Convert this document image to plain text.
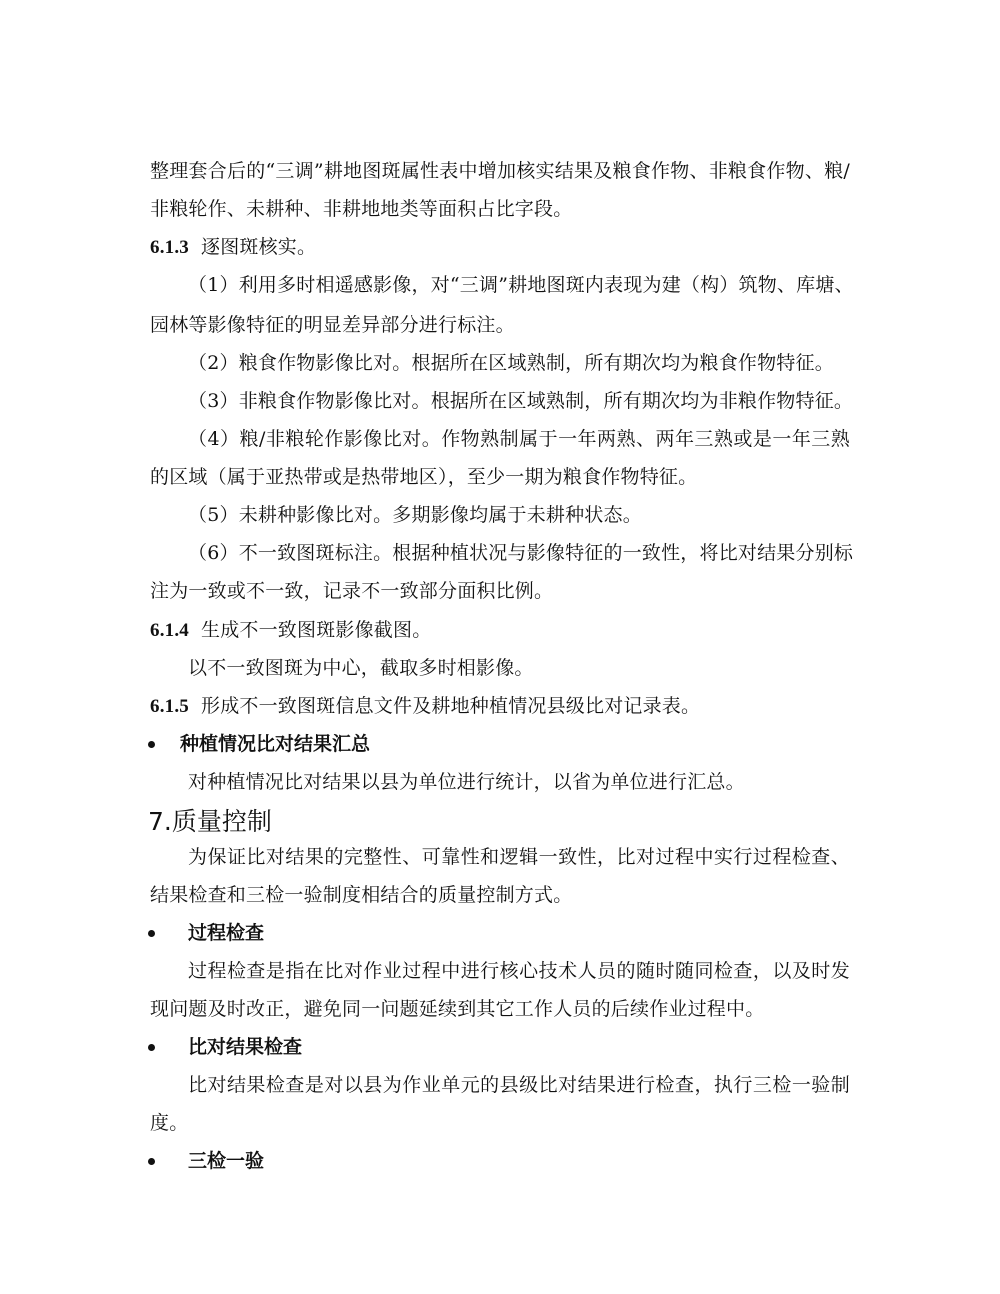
整理套合后的“三调”耕地图斑属性表中增加核实结果及粮食作物、非粮食作物、粮/
非粮轮作、未耕种、非耕地地类等面积占比字段。
6.1.3 逐图斑核实。
（1）利用多时相遥感影像，对“三调”耕地图斑内表现为建（构）筑物、库塘、
园林等影像特征的明显差异部分进行标注。
（2）粮食作物影像比对。根据所在区域熟制，所有期次均为粮食作物特征。
（3）非粮食作物影像比对。根据所在区域熟制，所有期次均为非粮作物特征。
（4）粮/非粮轮作影像比对。作物熟制属于一年两熟、两年三熟或是一年三熟
的区域（属于亚热带或是热带地区），至少一期为粮食作物特征。
（5）未耕种影像比对。多期影像均属于未耕种状态。
（6）不一致图斑标注。根据种植状况与影像特征的一致性，将比对结果分别标
注为一致或不一致，记录不一致部分面积比例。
6.1.4 生成不一致图斑影像截图。
以不一致图斑为中心，截取多时相影像。
6.1.5 形成不一致图斑信息文件及耕地种植情况县级比对记录表。
种植情况比对结果汇总
对种植情况比对结果以县为单位进行统计，以省为单位进行汇总。
7.质量控制
为保证比对结果的完整性、可靠性和逻辑一致性，比对过程中实行过程检查、
结果检查和三检一验制度相结合的质量控制方式。
过程检查
过程检查是指在比对作业过程中进行核心技术人员的随时随同检查，以及时发
现问题及时改正，避免同一问题延续到其它工作人员的后续作业过程中。
比对结果检查
比对结果检查是对以县为作业单元的县级比对结果进行检查，执行三检一验制
度。
三检一验
